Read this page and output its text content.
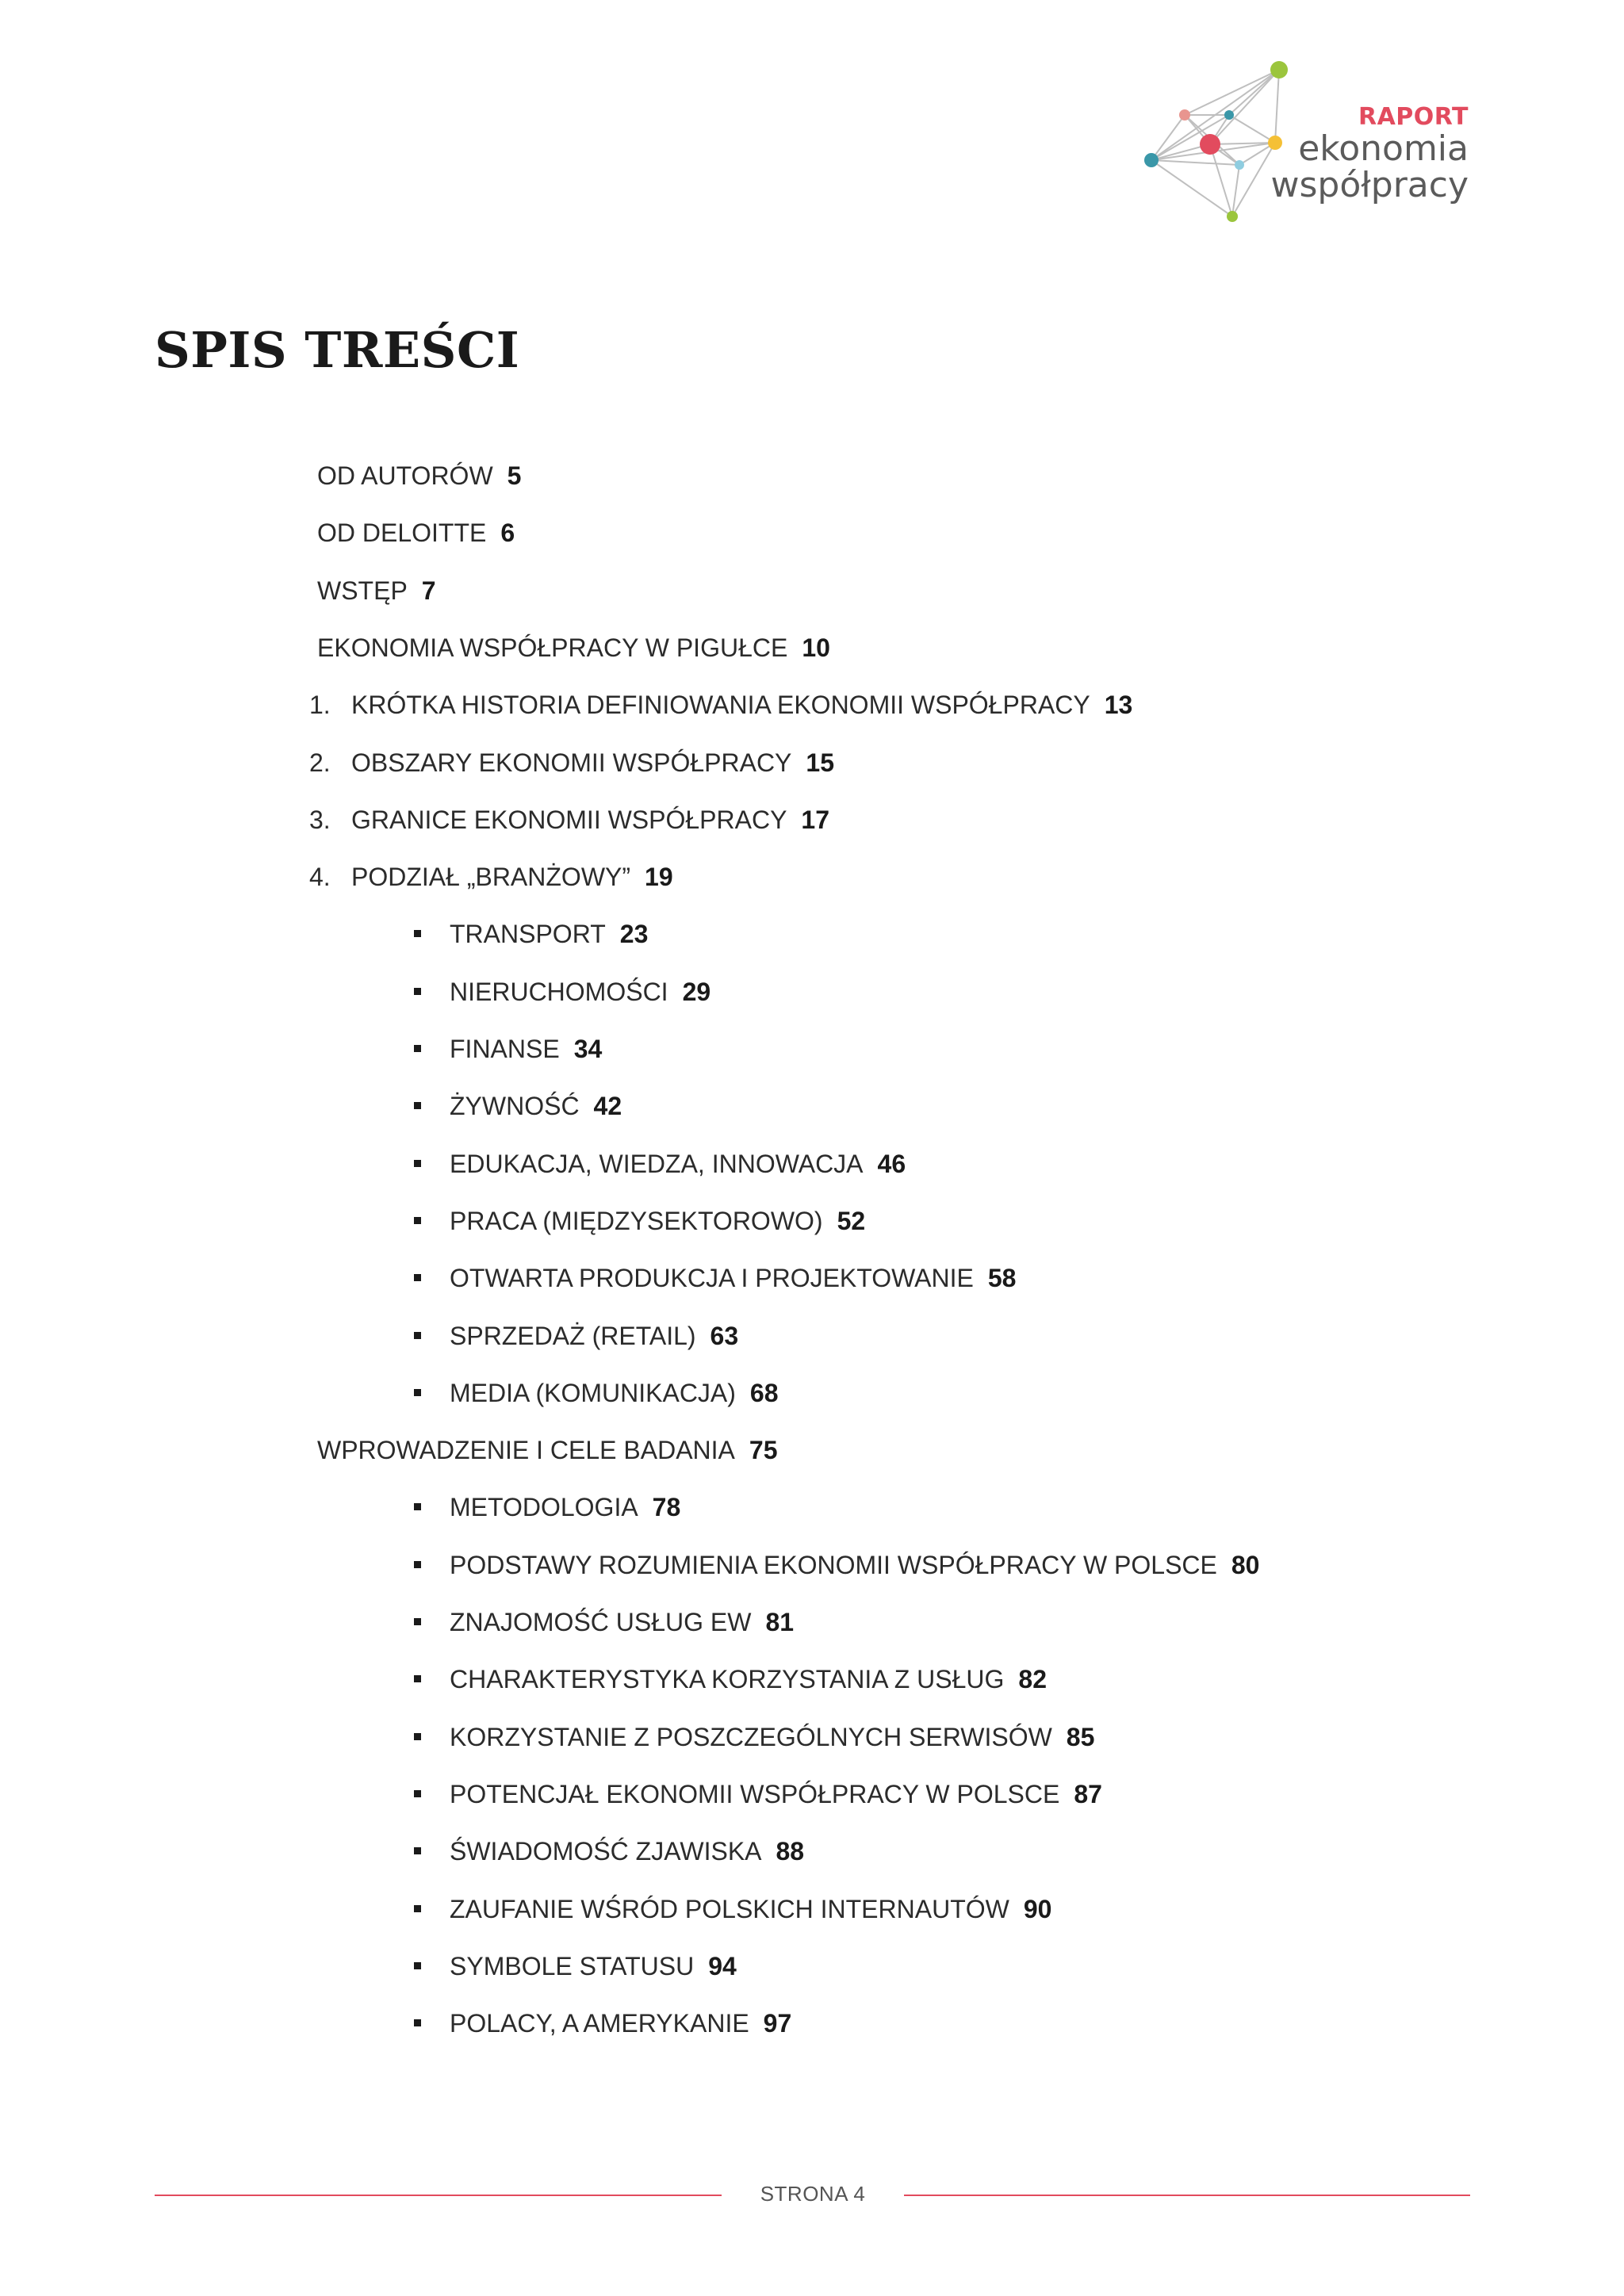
RAPORT
ekonomia
współpracy
SPIS TREŚCI
OD AUTORÓW 5
OD DELOITTE 6
WSTĘP 7
EKONOMIA WSPÓŁPRACY W PIGUŁCE 10
1. KRÓTKA HISTORIA DEFINIOWANIA EKONOMII WSPÓŁPRACY 13
2. OBSZARY EKONOMII WSPÓŁPRACY 15
3. GRANICE EKONOMII WSPÓŁPRACY 17
4. PODZIAŁ „BRANŻOWY” 19
TRANSPORT 23
NIERUCHOMOŚCI 29
FINANSE 34
ŻYWNOŚĆ 42
EDUKACJA, WIEDZA, INNOWACJA 46
PRACA (MIĘDZYSEKTOROWO) 52
OTWARTA PRODUKCJA I PROJEKTOWANIE 58
SPRZEDAŻ (RETAIL) 63
MEDIA (KOMUNIKACJA) 68
WPROWADZENIE I CELE BADANIA 75
METODOLOGIA 78
PODSTAWY ROZUMIENIA EKONOMII WSPÓŁPRACY W POLSCE 80
ZNAJOMOŚĆ USŁUG EW 81
CHARAKTERYSTYKA KORZYSTANIA Z USŁUG 82
KORZYSTANIE Z POSZCZEGÓLNYCH SERWISÓW 85
POTENCJAŁ EKONOMII WSPÓŁPRACY W POLSCE 87
ŚWIADOMOŚĆ ZJAWISKA 88
ZAUFANIE WŚRÓD POLSKICH INTERNAUTÓW 90
SYMBOLE STATUSU 94
POLACY, A AMERYKANIE 97
STRONA 4
